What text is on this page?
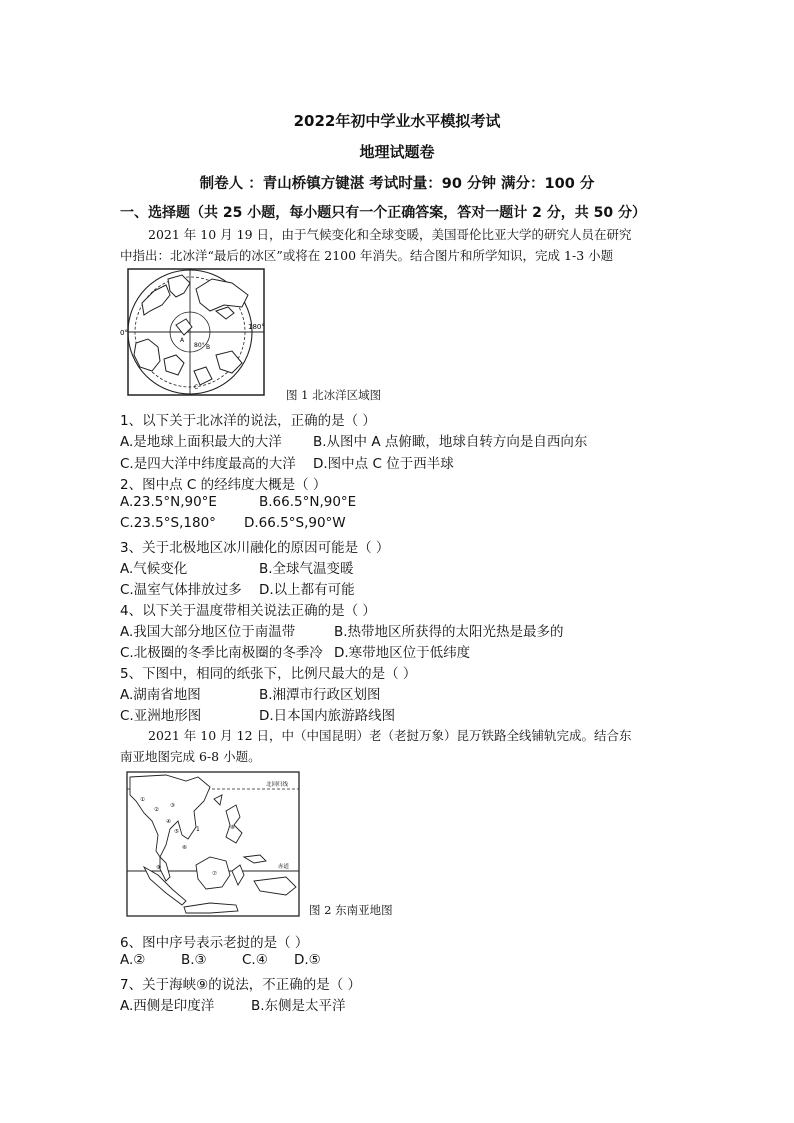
2022年初中学业水平模拟考试
地理试题卷
制卷人 ：青山桥镇方键湛 考试时量：90 分钟 满分：100 分
一、选择题（共 25 小题，每小题只有一个正确答案，答对一题计 2 分，共 50 分）
2021 年 10 月 19 日，由于气候变化和全球变暖，美国哥伦比亚大学的研究人员在研究
中指出：北冰洋“最后的冰区”或将在 2100 年消失。结合图片和所学知识，完成 1-3 小题
0°
180°
A
B
C
80°
图 1 北冰洋区域图
1、以下关于北冰洋的说法，正确的是（ ）
A.是地球上面积最大的大洋 B.从图中 A 点俯瞰，地球自转方向是自西向东
C.是四大洋中纬度最高的大洋 D.图中点 C 位于西半球
2、图中点 C 的经纬度大概是（ ）
A.23.5°N,90°E	B.66.5°N,90°E
C.23.5°S,180° D.66.5°S,90°W
3、关于北极地区冰川融化的原因可能是（ ）
A.气候变化	B.全球气温变暖
C.温室气体排放过多 D.以上都有可能
4、以下关于温度带相关说法正确的是（ ）
A.我国大部分地区位于南温带	B.热带地区所获得的太阳光热是最多的
C.北极圈的冬季比南极圈的冬季冷 D.寒带地区位于低纬度
5、下图中，相同的纸张下，比例尺最大的是（ ）
A.湖南省地图	B.湘潭市行政区划图
C.亚洲地形图	D.日本国内旅游路线图
2021 年 10 月 12 日，中（中国昆明）老（老挝万象）昆万铁路全线铺轨完成。结合东
南亚地图完成 6-8 小题。
北回归线
赤道
①
②
③
④
⑤
⑥
⑦
⑧
⑨
1
图 2 东南亚地图
6、图中序号表示老挝的是（ ）
A.②	B.③	C.④ D.⑤
7、关于海峡⑨的说法，不正确的是（ ）
A.西侧是印度洋	B.东侧是太平洋
